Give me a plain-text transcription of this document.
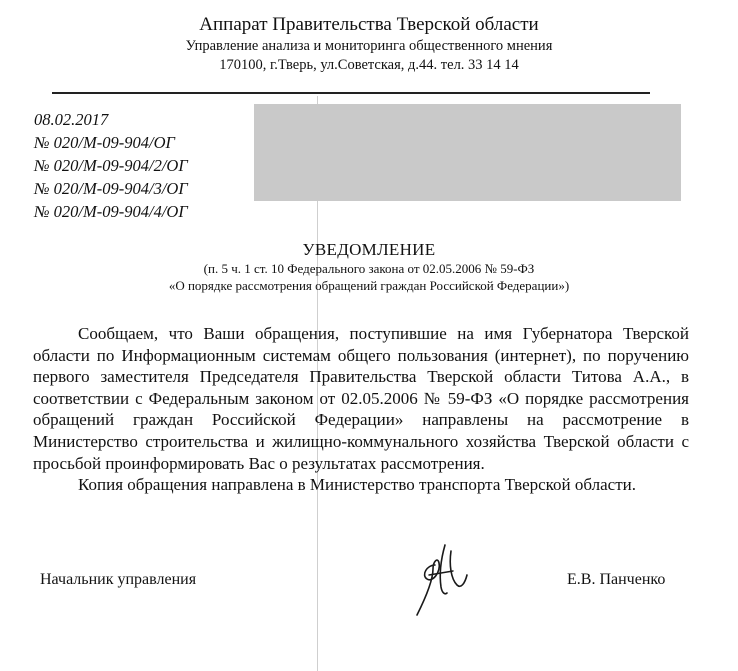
Аппарат Правительства Тверской области
Управление анализа и мониторинга общественного мнения
170100, г.Тверь, ул.Советская, д.44. тел. 33 14 14
08.02.2017
№ 020/М-09-904/ОГ
№ 020/М-09-904/2/ОГ
№ 020/М-09-904/3/ОГ
№ 020/М-09-904/4/ОГ
УВЕДОМЛЕНИЕ
(п. 5 ч. 1 ст. 10 Федерального закона от 02.05.2006 № 59-ФЗ
«О порядке рассмотрения обращений граждан Российской Федерации»)

Сообщаем, что Ваши обращения, поступившие на имя Губернатора Тверской области по Информационным системам общего пользования (интернет), по поручению первого заместителя Председателя Правительства Тверской области Титова А.А., в соответствии с Федеральным законом от 02.05.2006 № 59-ФЗ «О порядке рассмотрения обращений граждан Российской Федерации» направлены на рассмотрение в Министерство строительства и жилищно-коммунального хозяйства Тверской области с просьбой проинформировать Вас о результатах рассмотрения.

Копия обращения направлена в Министерство транспорта Тверской области.

Начальник управления	Е.В. Панченко
